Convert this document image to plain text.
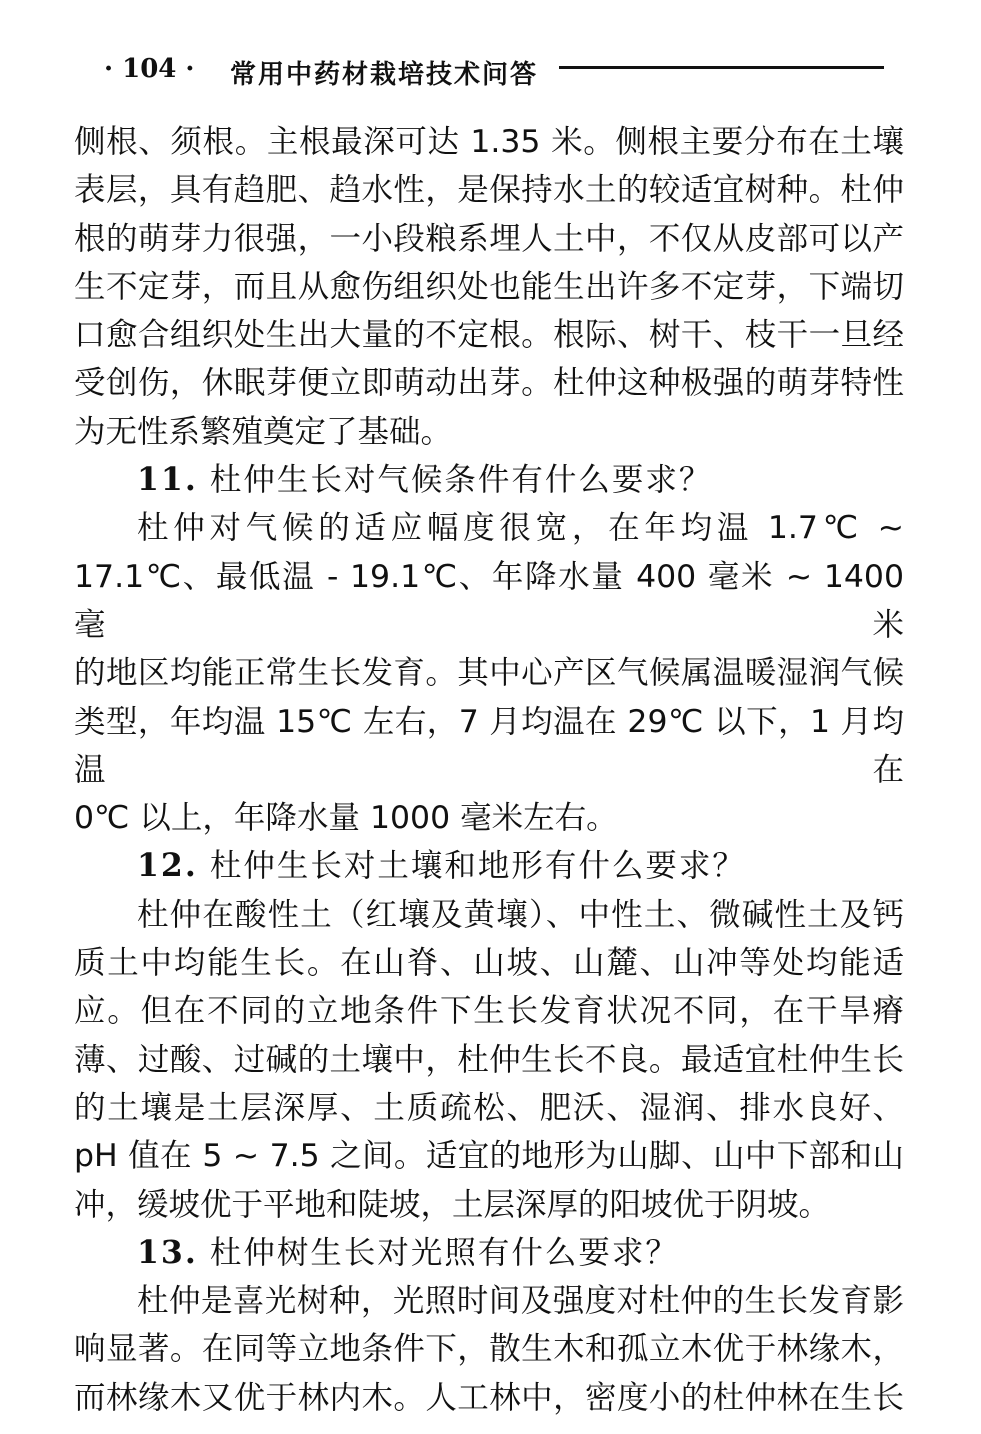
· 104 · 常用中药材栽培技术问答

侧根、须根。主根最深可达 1.35 米。侧根主要分布在土壤

表层，具有趋肥、趋水性，是保持水土的较适宜树种。杜仲

根的萌芽力很强，一小段粮系埋人土中，不仅从皮部可以产

生不定芽，而且从愈伤组织处也能生出许多不定芽，下端切

口愈合组织处生出大量的不定根。根际、树干、枝干一旦经

受创伤，休眠芽便立即萌动出芽。杜仲这种极强的萌芽特性

为无性系繁殖奠定了基础。

11. 杜仲生长对气候条件有什么要求？

杜仲对气候的适应幅度很宽，在年均温 1.7℃ ~

17.1℃、最低温 - 19.1℃、年降水量 400 毫米 ~ 1400 毫米

的地区均能正常生长发育。其中心产区气候属温暖湿润气候

类型，年均温 15℃ 左右，7 月均温在 29℃ 以下，1 月均温在

0℃ 以上，年降水量 1000 毫米左右。

12. 杜仲生长对土壤和地形有什么要求？

杜仲在酸性土（红壤及黄壤）、中性土、微碱性土及钙

质土中均能生长。在山脊、山坡、山麓、山冲等处均能适

应。但在不同的立地条件下生长发育状况不同，在干旱瘠

薄、过酸、过碱的土壤中，杜仲生长不良。最适宜杜仲生长

的土壤是土层深厚、土质疏松、肥沃、湿润、排水良好、

pH 值在 5 ~ 7.5 之间。适宜的地形为山脚、山中下部和山

冲，缓坡优于平地和陡坡，土层深厚的阳坡优于阴坡。

13. 杜仲树生长对光照有什么要求？

杜仲是喜光树种，光照时间及强度对杜仲的生长发育影

响显著。在同等立地条件下，散生木和孤立木优于林缘木，

而林缘木又优于林内木。人工林中，密度小的杜仲林在生长
